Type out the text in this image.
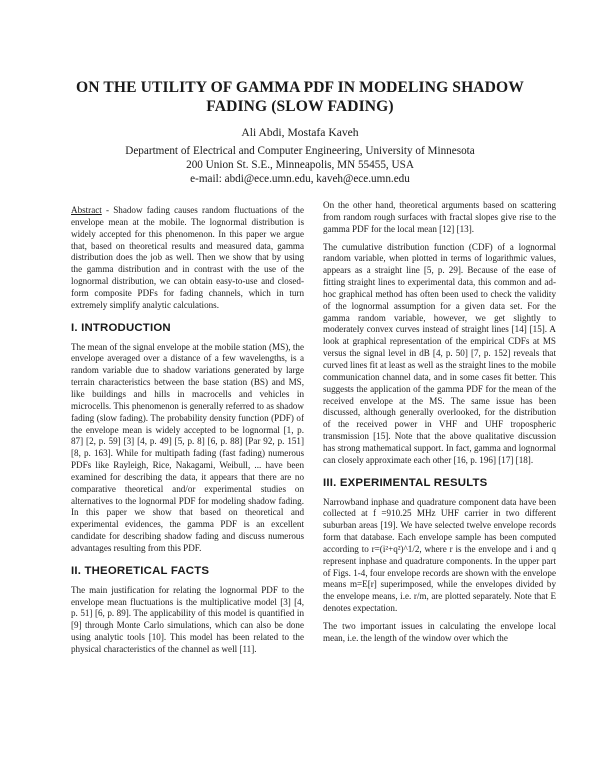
ON THE UTILITY OF GAMMA PDF IN MODELING SHADOW FADING (SLOW FADING)
Ali Abdi, Mostafa Kaveh
Department of Electrical and Computer Engineering, University of Minnesota
200 Union St. S.E., Minneapolis, MN 55455, USA
e-mail: abdi@ece.umn.edu, kaveh@ece.umn.edu

Abstract - Shadow fading causes random fluctuations of the envelope mean at the mobile. The lognormal distribution is widely accepted for this phenomenon. In this paper we argue that, based on theoretical results and measured data, gamma distribution does the job as well. Then we show that by using the gamma distribution and in contrast with the use of the lognormal distribution, we can obtain easy-to-use and closed-form composite PDFs for fading channels, which in turn extremely simplify analytic calculations.

I. INTRODUCTION

The mean of the signal envelope at the mobile station (MS), the envelope averaged over a distance of a few wavelengths, is a random variable due to shadow variations generated by large terrain characteristics between the base station (BS) and MS, like buildings and hills in macrocells and vehicles in microcells. This phenomenon is generally referred to as shadow fading (slow fading). The probability density function (PDF) of the envelope mean is widely accepted to be lognormal [1, p. 87] [2, p. 59] [3] [4, p. 49] [5, p. 8] [6, p. 88] [Par 92, p. 151] [8, p. 163]. While for multipath fading (fast fading) numerous PDFs like Rayleigh, Rice, Nakagami, Weibull, ... have been examined for describing the data, it appears that there are no comparative theoretical and/or experimental studies on alternatives to the lognormal PDF for modeling shadow fading. In this paper we show that based on theoretical and experimental evidences, the gamma PDF is an excellent candidate for describing shadow fading and discuss numerous advantages resulting from this PDF.

II. THEORETICAL FACTS

The main justification for relating the lognormal PDF to the envelope mean fluctuations is the multiplicative model [3] [4, p. 51] [6, p. 89]. The applicability of this model is quantified in [9] through Monte Carlo simulations, which can also be done using analytic tools [10]. This model has been related to the physical characteristics of the channel as well [11].

On the other hand, theoretical arguments based on scattering from random rough surfaces with fractal slopes give rise to the gamma PDF for the local mean [12] [13].

The cumulative distribution function (CDF) of a lognormal random variable, when plotted in terms of logarithmic values, appears as a straight line [5, p. 29]. Because of the ease of fitting straight lines to experimental data, this common and ad-hoc graphical method has often been used to check the validity of the lognormal assumption for a given data set. For the gamma random variable, however, we get slightly to moderately convex curves instead of straight lines [14] [15]. A look at graphical representation of the empirical CDFs at MS versus the signal level in dB [4, p. 50] [7, p. 152] reveals that curved lines fit at least as well as the straight lines to the mobile communication channel data, and in some cases fit better. This suggests the application of the gamma PDF for the mean of the received envelope at the MS. The same issue has been discussed, although generally overlooked, for the distribution of the received power in VHF and UHF tropospheric transmission [15]. Note that the above qualitative discussion has strong mathematical support. In fact, gamma and lognormal can closely approximate each other [16, p. 196] [17] [18].

III. EXPERIMENTAL RESULTS

Narrowband inphase and quadrature component data have been collected at f =910.25 MHz UHF carrier in two different suburban areas [19]. We have selected twelve envelope records form that database. Each envelope sample has been computed according to r=(i²+q²)^1/2, where r is the envelope and i and q represent inphase and quadrature components. In the upper part of Figs. 1-4, four envelope records are shown with the envelope means m=E[r] superimposed, while the envelopes divided by the envelope means, i.e. r/m, are plotted separately. Note that E denotes expectation.

The two important issues in calculating the envelope local mean, i.e. the length of the window over which the
